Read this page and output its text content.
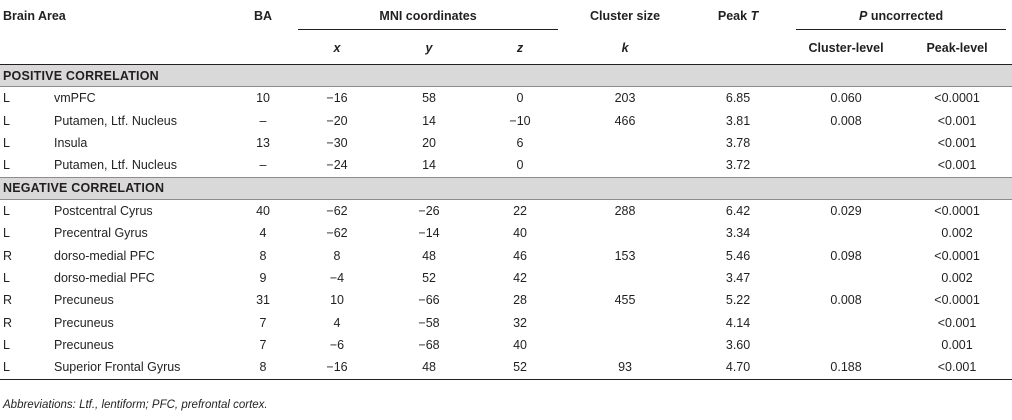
Brain Area		BA	MNI coordinates			Cluster size	Peak T	P uncorrected	
			x	y	z	k		Cluster-level	Peak-level
POSITIVE CORRELATION									
L	vmPFC	10	−16	58	0	203	6.85	0.060	<0.0001
L	Putamen, Ltf. Nucleus	–	−20	14	−10	466	3.81	0.008	<0.001
L	Insula	13	−30	20	6		3.78		<0.001
L	Putamen, Ltf. Nucleus	–	−24	14	0		3.72		<0.001
NEGATIVE CORRELATION									
L	Postcentral Cyrus	40	−62	−26	22	288	6.42	0.029	<0.0001
L	Precentral Gyrus	4	−62	−14	40		3.34		0.002
R	dorso-medial PFC	8	8	48	46	153	5.46	0.098	<0.0001
L	dorso-medial PFC	9	−4	52	42		3.47		0.002
R	Precuneus	31	10	−66	28	455	5.22	0.008	<0.0001
R	Precuneus	7	4	−58	32		4.14		<0.001
L	Precuneus	7	−6	−68	40		3.60		0.001
L	Superior Frontal Gyrus	8	−16	48	52	93	4.70	0.188	<0.001
Abbreviations: Ltf., lentiform; PFC, prefrontal cortex.
